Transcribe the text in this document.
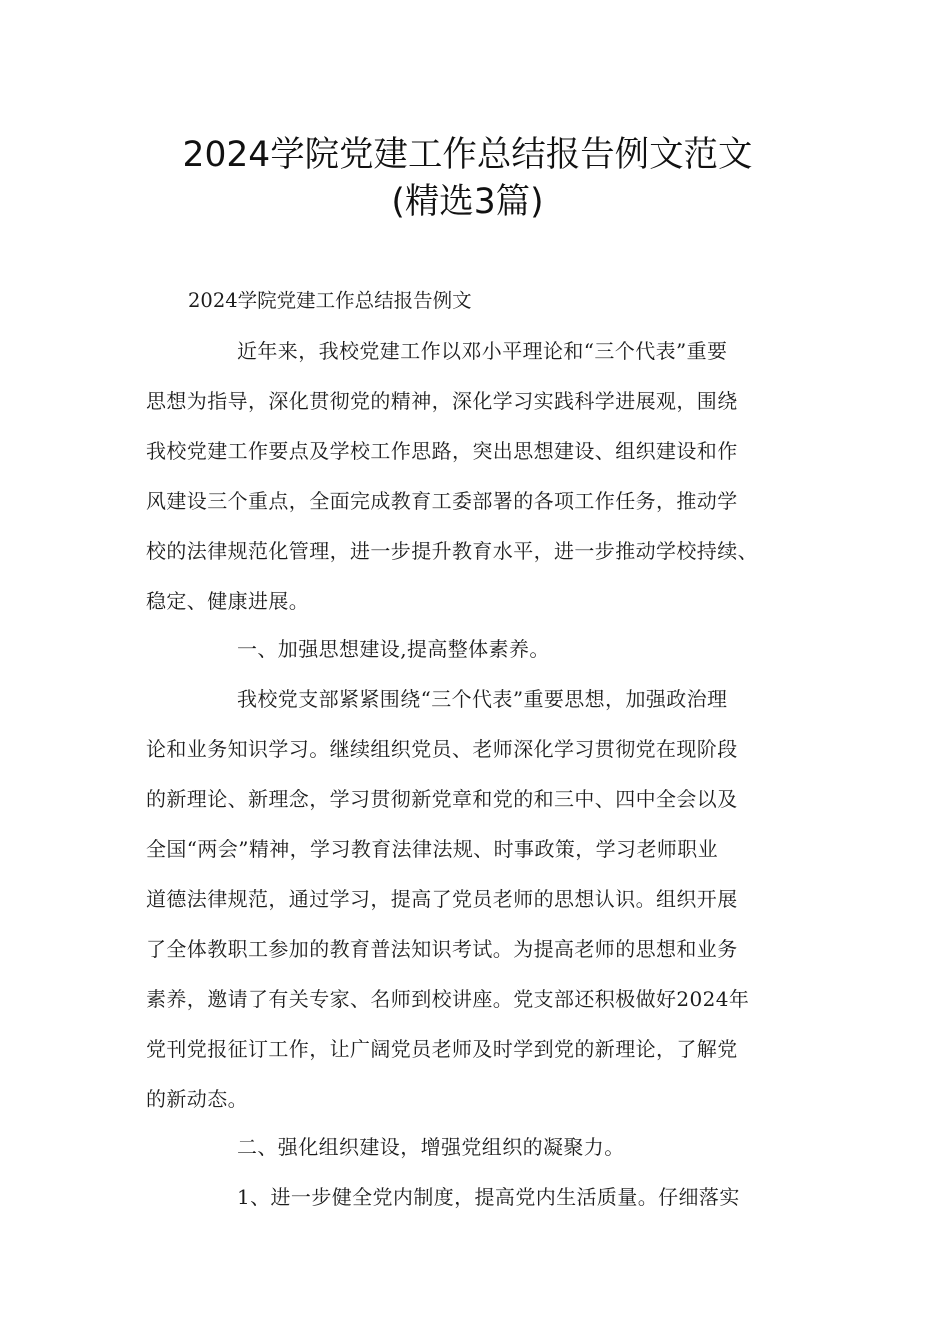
2024学院党建工作总结报告例文范文
(精选3篇)
2024学院党建工作总结报告例文
近年来，我校党建工作以邓小平理论和“三个代表”重要
思想为指导，深化贯彻党的精神，深化学习实践科学进展观，围绕
我校党建工作要点及学校工作思路，突出思想建设、组织建设和作
风建设三个重点，全面完成教育工委部署的各项工作任务，推动学
校的法律规范化管理，进一步提升教育水平，进一步推动学校持续、
稳定、健康进展。
一、加强思想建设,提高整体素养。
我校党支部紧紧围绕“三个代表”重要思想，加强政治理
论和业务知识学习。继续组织党员、老师深化学习贯彻党在现阶段
的新理论、新理念，学习贯彻新党章和党的和三中、四中全会以及
全国“两会”精神，学习教育法律法规、时事政策，学习老师职业
道德法律规范，通过学习，提高了党员老师的思想认识。组织开展
了全体教职工参加的教育普法知识考试。为提高老师的思想和业务
素养，邀请了有关专家、名师到校讲座。党支部还积极做好2024年
党刊党报征订工作，让广阔党员老师及时学到党的新理论，了解党
的新动态。
二、强化组织建设，增强党组织的凝聚力。
1、进一步健全党内制度，提高党内生活质量。仔细落实
